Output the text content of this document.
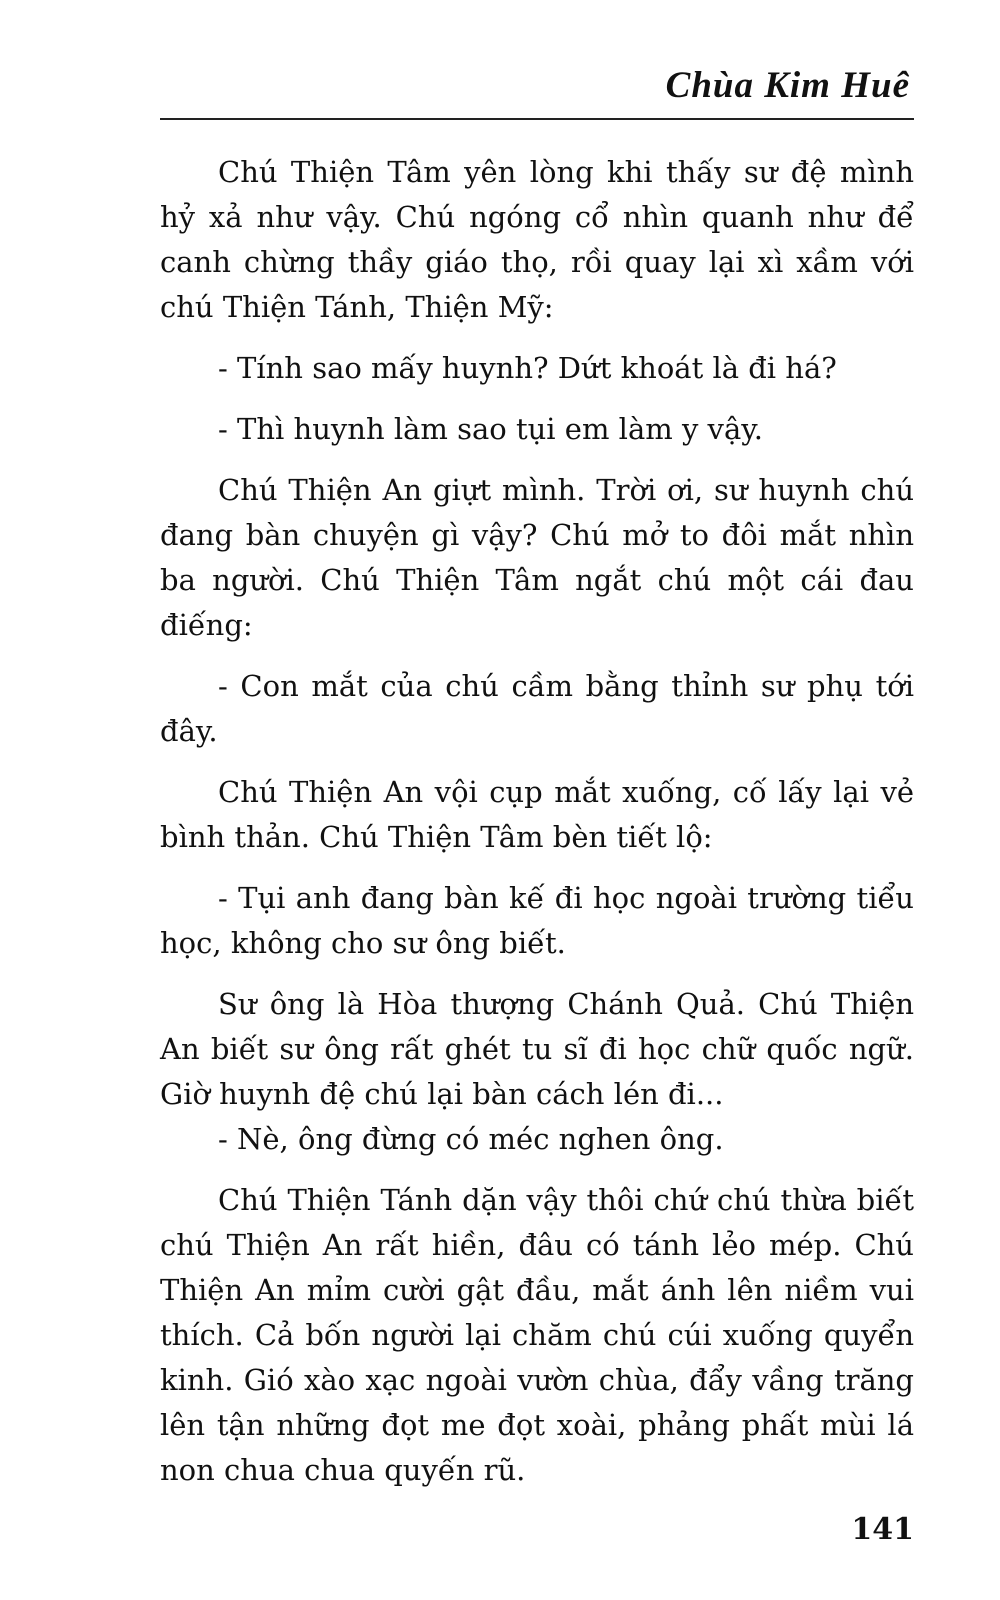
Chùa Kim Huê

Chú Thiện Tâm yên lòng khi thấy sư đệ mình hỷ xả như vậy. Chú ngóng cổ nhìn quanh như để canh chừng thầy giáo thọ, rồi quay lại xì xầm với chú Thiện Tánh, Thiện Mỹ:

- Tính sao mấy huynh? Dứt khoát là đi há?

- Thì huynh làm sao tụi em làm y vậy.

Chú Thiện An giựt mình. Trời ơi, sư huynh chú đang bàn chuyện gì vậy? Chú mở to đôi mắt nhìn ba người. Chú Thiện Tâm ngắt chú một cái đau điếng:

- Con mắt của chú cầm bằng thỉnh sư phụ tới đây.

Chú Thiện An vội cụp mắt xuống, cố lấy lại vẻ bình thản. Chú Thiện Tâm bèn tiết lộ:

- Tụi anh đang bàn kế đi học ngoài trường tiểu học, không cho sư ông biết.

Sư ông là Hòa thượng Chánh Quả. Chú Thiện An biết sư ông rất ghét tu sĩ đi học chữ quốc ngữ. Giờ huynh đệ chú lại bàn cách lén đi...

- Nè, ông đừng có méc nghen ông.

Chú Thiện Tánh dặn vậy thôi chứ chú thừa biết chú Thiện An rất hiền, đâu có tánh lẻo mép. Chú Thiện An mỉm cười gật đầu, mắt ánh lên niềm vui thích. Cả bốn người lại chăm chú cúi xuống quyển kinh. Gió xào xạc ngoài vườn chùa, đẩy vầng trăng lên tận những đọt me đọt xoài, phảng phất mùi lá non chua chua quyến rũ.

141
